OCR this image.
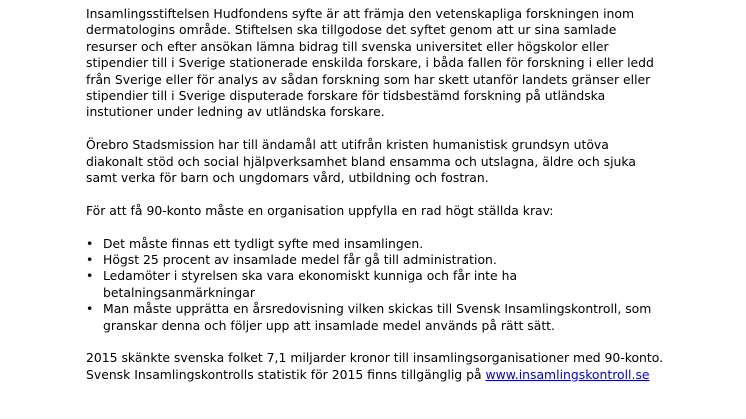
Insamlingsstiftelsen Hudfondens syfte är att främja den vetenskapliga forskningen inom
dermatologins område. Stiftelsen ska tillgodose det syftet genom att ur sina samlade
resurser och efter ansökan lämna bidrag till svenska universitet eller högskolor eller
stipendier till i Sverige stationerade enskilda forskare, i båda fallen för forskning i eller ledd
från Sverige eller för analys av sådan forskning som har skett utanför landets gränser eller
stipendier till i Sverige disputerade forskare för tidsbestämd forskning på utländska
instutioner under ledning av utländska forskare.

Örebro Stadsmission har till ändamål att utifrån kristen humanistisk grundsyn utöva
diakonalt stöd och social hjälpverksamhet bland ensamma och utslagna, äldre och sjuka
samt verka för barn och ungdomars vård, utbildning och fostran.

För att få 90-konto måste en organisation uppfylla en rad högt ställda krav:

• Det måste finnas ett tydligt syfte med insamlingen.
• Högst 25 procent av insamlade medel får gå till administration.
• Ledamöter i styrelsen ska vara ekonomiskt kunniga och får inte ha
betalningsanmärkningar
• Man måste upprätta en årsredovisning vilken skickas till Svensk Insamlingskontroll, som
granskar denna och följer upp att insamlade medel används på rätt sätt.

2015 skänkte svenska folket 7,1 miljarder kronor till insamlingsorganisationer med 90-konto.
Svensk Insamlingskontrolls statistik för 2015 finns tillgänglig på www.insamlingskontroll.se
